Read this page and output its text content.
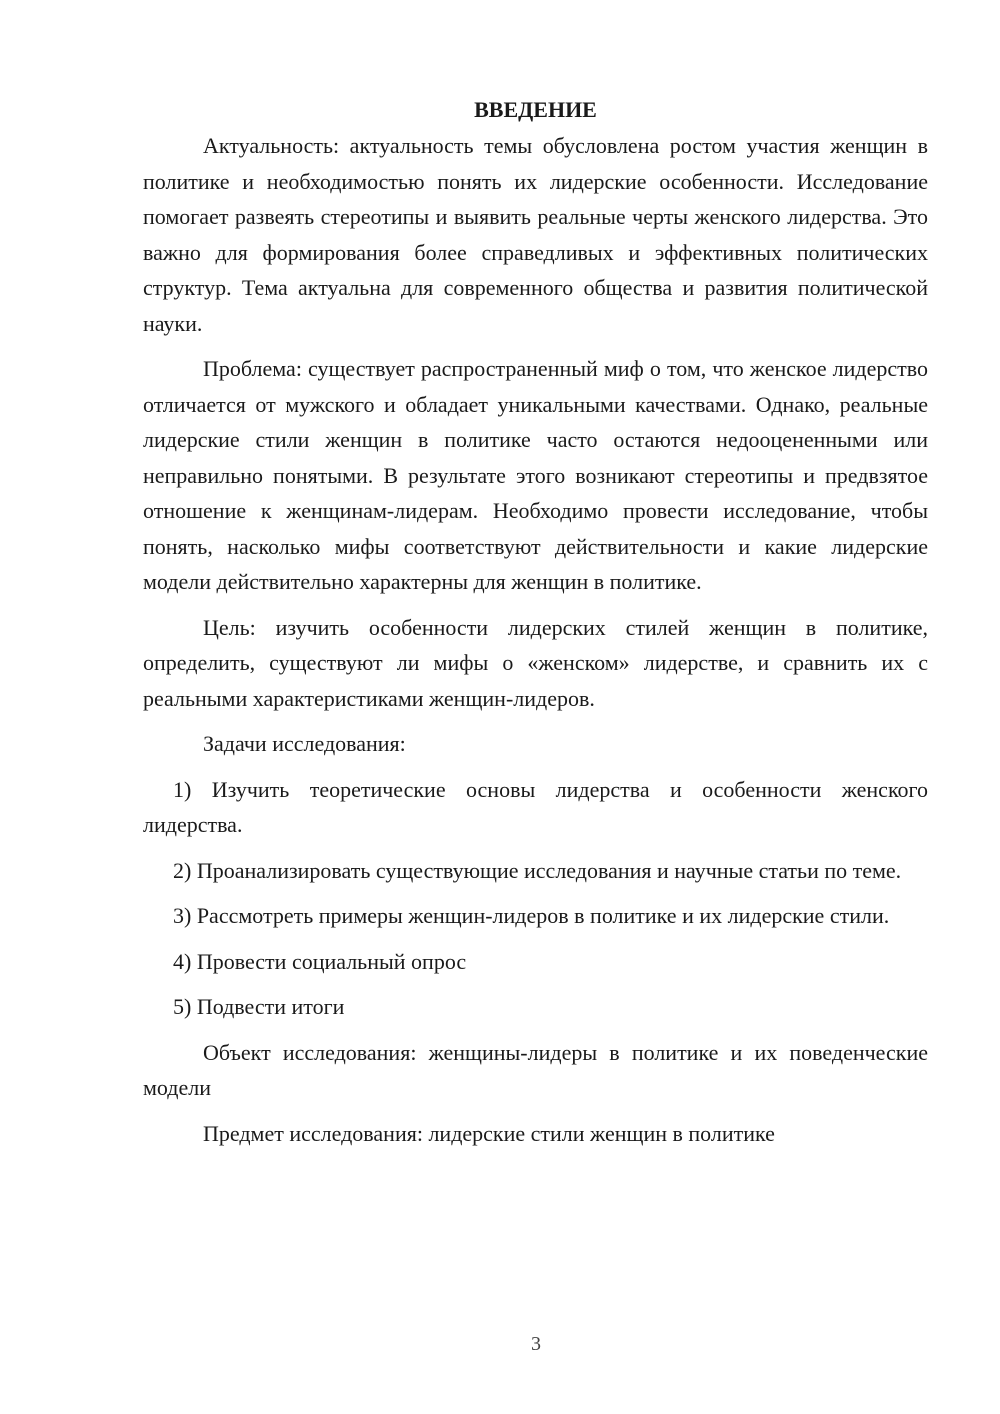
ВВЕДЕНИЕ

Актуальность: актуальность темы обусловлена ростом участия женщин в политике и необходимостью понять их лидерские особенности. Исследование помогает развеять стереотипы и выявить реальные черты женского лидерства. Это важно для формирования более справедливых и эффективных политических структур. Тема актуальна для современного общества и развития политической науки.

Проблема: существует распространенный миф о том, что женское лидерство отличается от мужского и обладает уникальными качествами. Однако, реальные лидерские стили женщин в политике часто остаются недооцененными или неправильно понятыми. В результате этого возникают стереотипы и предвзятое отношение к женщинам-лидерам. Необходимо провести исследование, чтобы понять, насколько мифы соответствуют действительности и какие лидерские модели действительно характерны для женщин в политике.

Цель: изучить особенности лидерских стилей женщин в политике, определить, существуют ли мифы о «женском» лидерстве, и сравнить их с реальными характеристиками женщин-лидеров.

Задачи исследования:

1) Изучить теоретические основы лидерства и особенности женского лидерства.

2) Проанализировать существующие исследования и научные статьи по теме.

3) Рассмотреть примеры женщин-лидеров в политике и их лидерские стили.

4) Провести социальный опрос

5) Подвести итоги

Объект исследования: женщины-лидеры в политике и их поведенческие модели

Предмет исследования: лидерские стили женщин в политике

3
